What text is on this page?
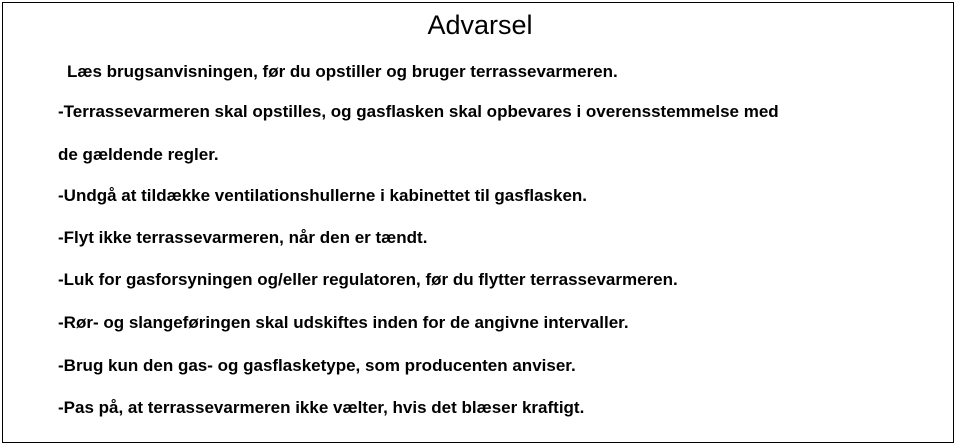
Advarsel

Læs brugsanvisningen, før du opstiller og bruger terrassevarmeren.

-Terrassevarmeren skal opstilles, og gasflasken skal opbevares i overensstemmelse med

de gældende regler.

-Undgå at tildække ventilationshullerne i kabinettet til gasflasken.

-Flyt ikke terrassevarmeren, når den er tændt.

-Luk for gasforsyningen og/eller regulatoren, før du flytter terrassevarmeren.

-Rør- og slangeføringen skal udskiftes inden for de angivne intervaller.

-Brug kun den gas- og gasflasketype, som producenten anviser.

-Pas på, at terrassevarmeren ikke vælter, hvis det blæser kraftigt.
